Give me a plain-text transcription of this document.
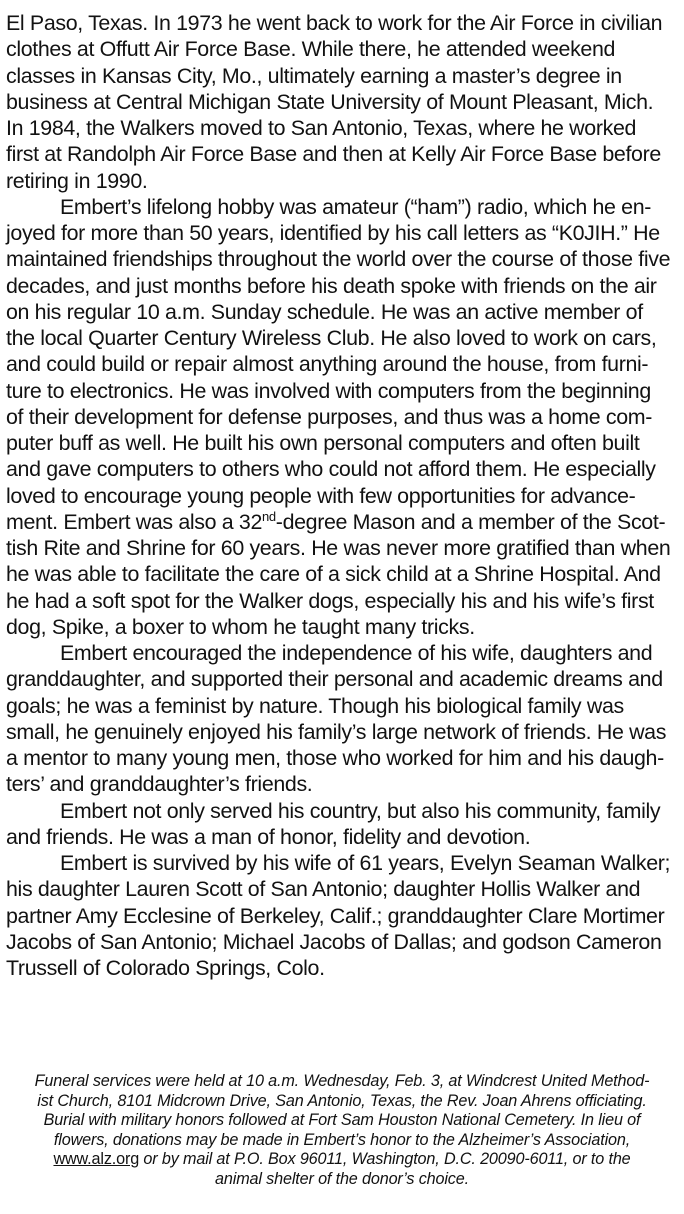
El Paso, Texas. In 1973 he went back to work for the Air Force in civilian
clothes at Offutt Air Force Base. While there, he attended weekend
classes in Kansas City, Mo., ultimately earning a master’s degree in
business at Central Michigan State University of Mount Pleasant, Mich.
In 1984, the Walkers moved to San Antonio, Texas, where he worked
first at Randolph Air Force Base and then at Kelly Air Force Base before
retiring in 1990.
Embert’s lifelong hobby was amateur (“ham”) radio, which he en-
joyed for more than 50 years, identified by his call letters as “K0JIH.” He
maintained friendships throughout the world over the course of those five
decades, and just months before his death spoke with friends on the air
on his regular 10 a.m. Sunday schedule. He was an active member of
the local Quarter Century Wireless Club. He also loved to work on cars,
and could build or repair almost anything around the house, from furni-
ture to electronics. He was involved with computers from the beginning
of their development for defense purposes, and thus was a home com-
puter buff as well. He built his own personal computers and often built
and gave computers to others who could not afford them. He especially
loved to encourage young people with few opportunities for advance-
ment. Embert was also a 32nd-degree Mason and a member of the Scot-
tish Rite and Shrine for 60 years. He was never more gratified than when
he was able to facilitate the care of a sick child at a Shrine Hospital. And
he had a soft spot for the Walker dogs, especially his and his wife’s first
dog, Spike, a boxer to whom he taught many tricks.
Embert encouraged the independence of his wife, daughters and
granddaughter, and supported their personal and academic dreams and
goals; he was a feminist by nature. Though his biological family was
small, he genuinely enjoyed his family’s large network of friends. He was
a mentor to many young men, those who worked for him and his daugh-
ters’ and granddaughter’s friends.
Embert not only served his country, but also his community, family
and friends. He was a man of honor, fidelity and devotion.
Embert is survived by his wife of 61 years, Evelyn Seaman Walker;
his daughter Lauren Scott of San Antonio; daughter Hollis Walker and
partner Amy Ecclesine of Berkeley, Calif.; granddaughter Clare Mortimer
Jacobs of San Antonio; Michael Jacobs of Dallas; and godson Cameron
Trussell of Colorado Springs, Colo.
Funeral services were held at 10 a.m. Wednesday, Feb. 3, at Windcrest United Method-
ist Church, 8101 Midcrown Drive, San Antonio, Texas, the Rev. Joan Ahrens officiating.
Burial with military honors followed at Fort Sam Houston National Cemetery. In lieu of
flowers, donations may be made in Embert’s honor to the Alzheimer’s Association,
www.alz.org or by mail at P.O. Box 96011, Washington, D.C. 20090-6011, or to the
animal shelter of the donor’s choice.
